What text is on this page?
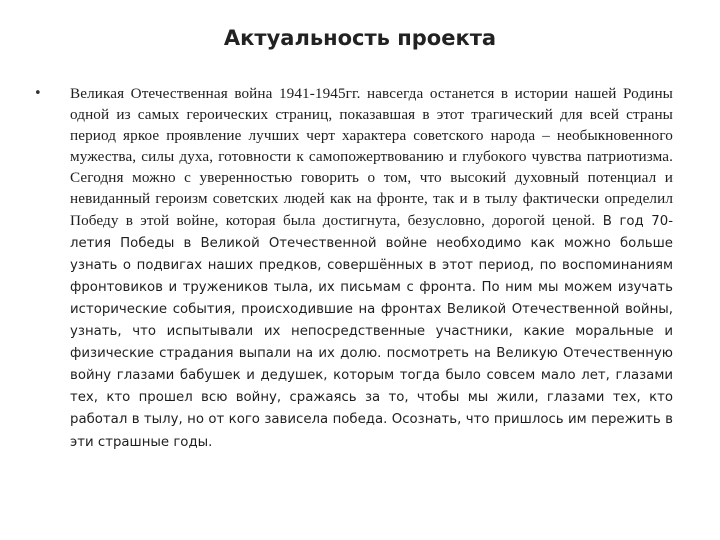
Актуальность проекта
• Великая Отечественная война 1941-1945гг. навсегда останется в истории нашей Родины одной из самых героических страниц, показавшая в этот трагический для всей страны период яркое проявление лучших черт характера советского народа – необыкновенного мужества, силы духа, готовности к самопожертвованию и глубокого чувства патриотизма. Сегодня можно с уверенностью говорить о том, что высокий духовный потенциал и невиданный героизм советских людей как на фронте, так и в тылу фактически определил Победу в этой войне, которая была достигнута, безусловно, дорогой ценой. В год 70-летия Победы в Великой Отечественной войне необходимо как можно больше узнать о подвигах наших предков, совершённых в этот период, по воспоминаниям фронтовиков и тружеников тыла, их письмам с фронта. По ним мы можем изучать исторические события, происходившие на фронтах Великой Отечественной войны, узнать, что испытывали их непосредственные участники, какие моральные и физические страдания выпали на их долю. посмотреть на Великую Отечественную войну глазами бабушек и дедушек, которым тогда было совсем мало лет, глазами тех, кто прошел всю войну, сражаясь за то, чтобы мы жили, глазами тех, кто работал в тылу, но от кого зависела победа. Осознать, что пришлось им пережить в эти страшные годы.
